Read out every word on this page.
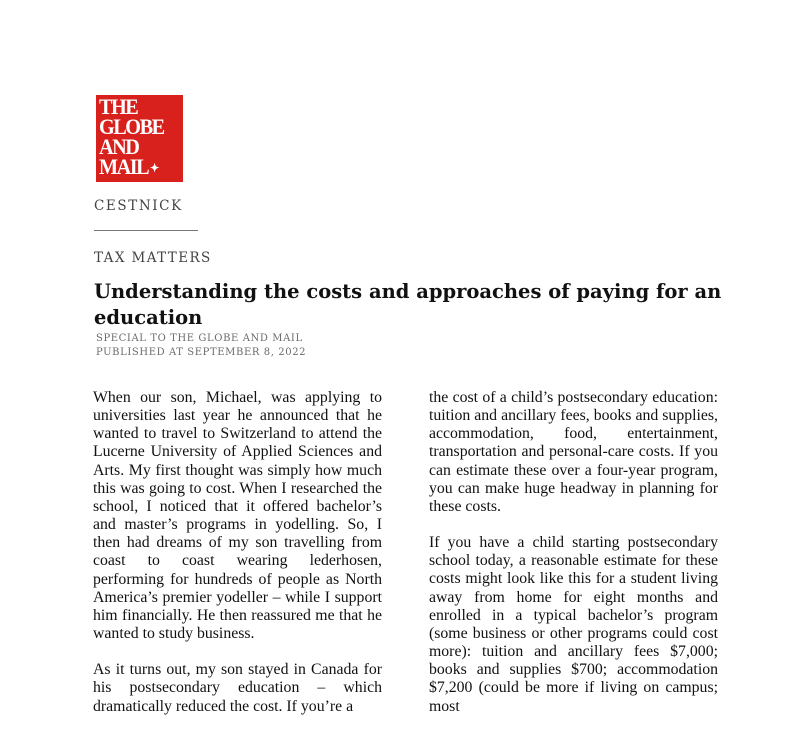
THE
GLOBE
AND
MAIL ✦
CESTNICK
TAX MATTERS
Understanding the costs and approaches of paying for an education
SPECIAL TO THE GLOBE AND MAIL
PUBLISHED AT SEPTEMBER 8, 2022

When our son, Michael, was applying to universities last year he announced that he wanted to travel to Switzerland to attend the Lucerne University of Applied Sciences and Arts. My first thought was simply how much this was going to cost. When I researched the school, I noticed that it offered bachelor’s and master’s programs in yodelling. So, I then had dreams of my son travelling from coast to coast wearing lederhosen, performing for hundreds of people as North America’s premier yodeller – while I support him financially. He then reassured me that he wanted to study business.

As it turns out, my son stayed in Canada for his postsecondary education – which dramatically reduced the cost. If you’re a

the cost of a child’s postsecondary education: tuition and ancillary fees, books and supplies, accommodation, food, entertainment, transportation and personal-care costs. If you can estimate these over a four-year program, you can make huge headway in planning for these costs.

If you have a child starting postsecondary school today, a reasonable estimate for these costs might look like this for a student living away from home for eight months and enrolled in a typical bachelor’s program (some business or other programs could cost more): tuition and ancillary fees $7,000; books and supplies $700; accommodation $7,200 (could be more if living on campus; most
